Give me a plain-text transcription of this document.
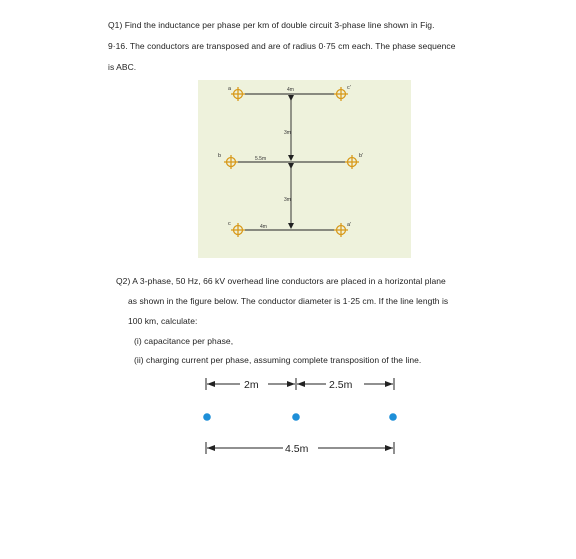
Q1) Find the inductance per phase per km of double circuit 3-phase line shown in Fig.
9·16. The conductors are transposed and are of radius 0·75 cm each. The phase sequence
is ABC.
a	c'
b	b'
c	a'
4m
3m
5.5m
3m
4m
Q2) A 3-phase, 50 Hz, 66 kV overhead line conductors are placed in a horizontal plane
as shown in the figure below. The conductor diameter is 1·25 cm. If the line length is
100 km, calculate:
(i) capacitance per phase,
(ii) charging current per phase, assuming complete transposition of the line.
2m	2.5m
4.5m
